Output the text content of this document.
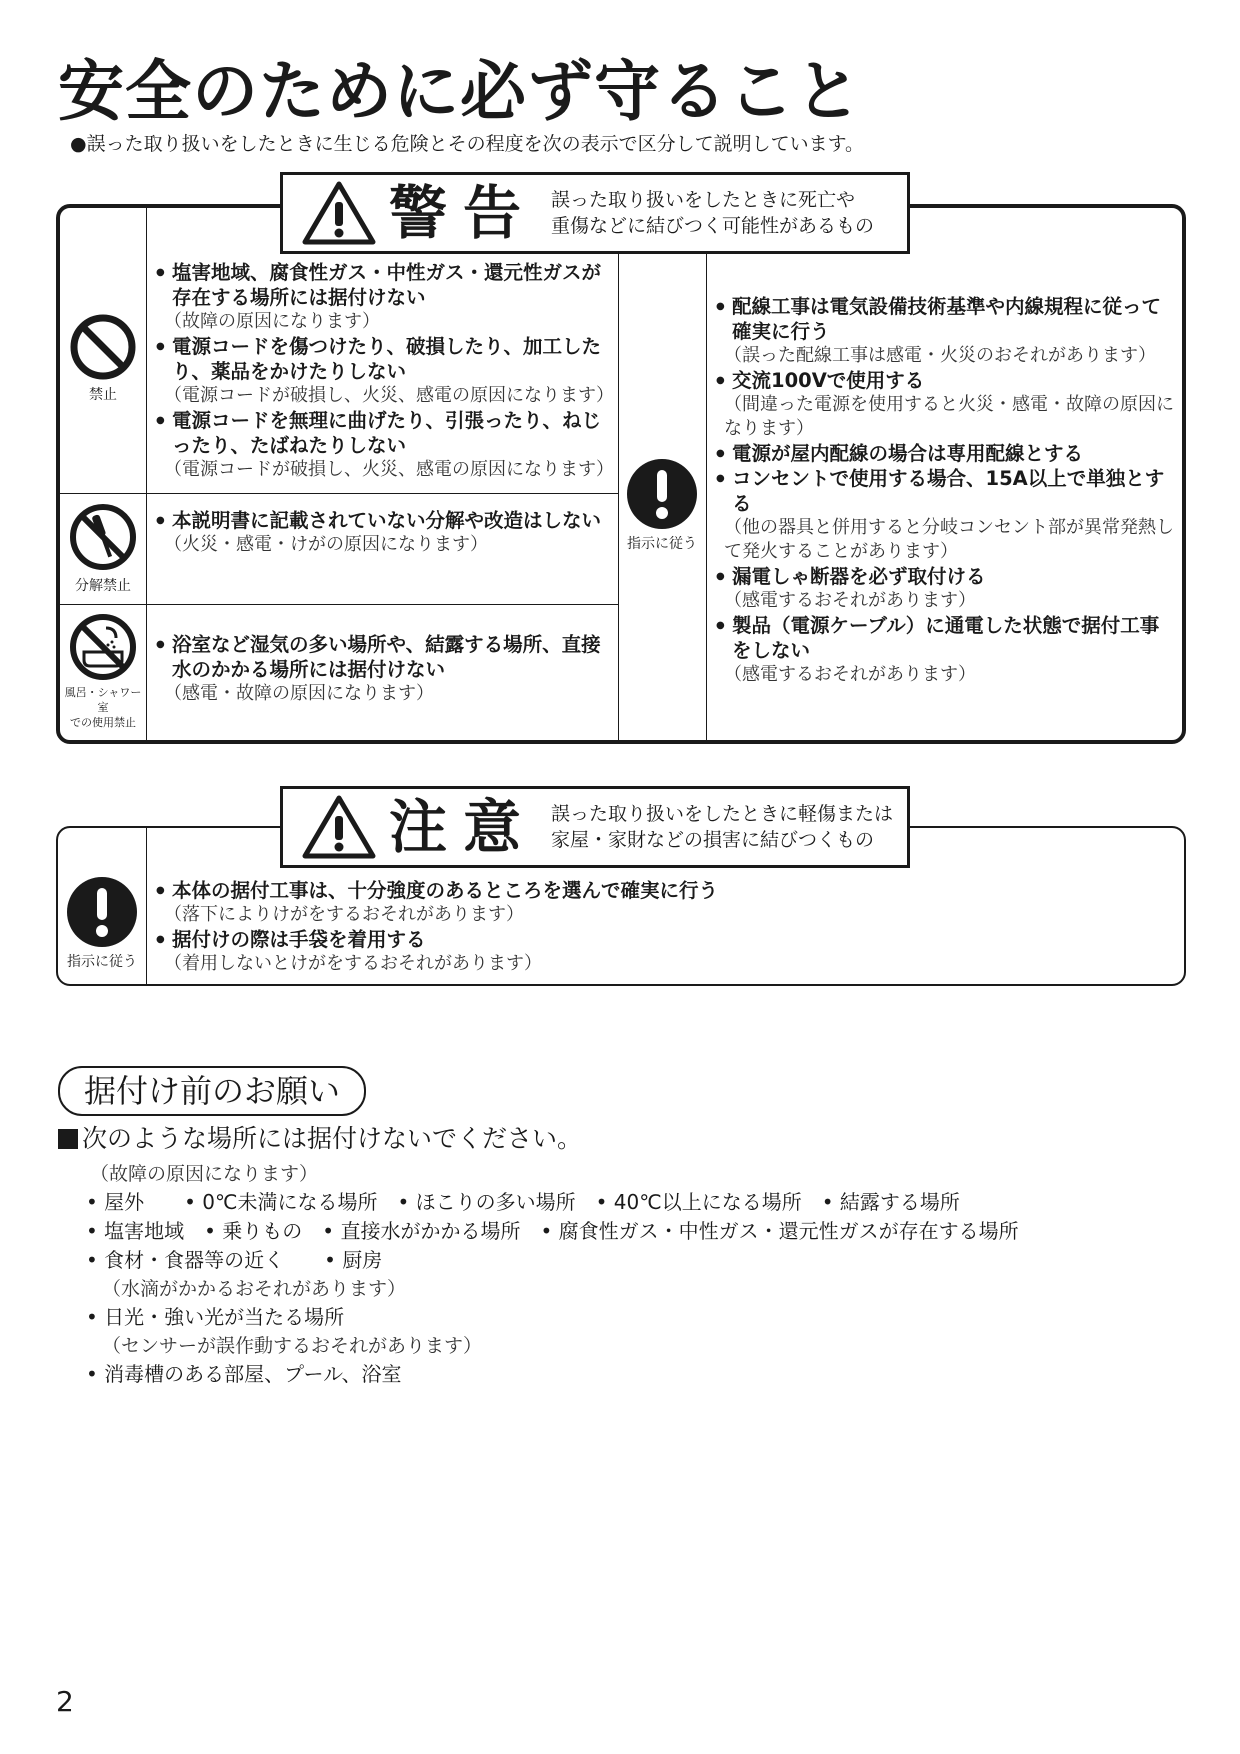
安全のために必ず守ること
●誤った取り扱いをしたときに生じる危険とその程度を次の表示で区分して説明しています。
禁止
分解禁止
風呂・シャワー室
での使用禁止
指示に従う
● 塩害地域、腐食性ガス・中性ガス・還元性ガスが存在する場所には据付けない
（故障の原因になります）
● 電源コードを傷つけたり、破損したり、加工したり、薬品をかけたりしない
（電源コードが破損し、火災、感電の原因になります）
● 電源コードを無理に曲げたり、引張ったり、ねじったり、たばねたりしない
（電源コードが破損し、火災、感電の原因になります）
● 本説明書に記載されていない分解や改造はしない
（火災・感電・けがの原因になります）
● 浴室など湿気の多い場所や、結露する場所、直接水のかかる場所には据付けない
（感電・故障の原因になります）
● 配線工事は電気設備技術基準や内線規程に従って確実に行う
（誤った配線工事は感電・火災のおそれがあります）
● 交流100Vで使用する
（間違った電源を使用すると火災・感電・故障の原因になります）
● 電源が屋内配線の場合は専用配線とする
● コンセントで使用する場合、15A以上で単独とする
（他の器具と併用すると分岐コンセント部が異常発熱して発火することがあります）
● 漏電しゃ断器を必ず取付ける
（感電するおそれがあります）
● 製品（電源ケーブル）に通電した状態で据付工事をしない
（感電するおそれがあります）
警告 誤った取り扱いをしたときに死亡や
重傷などに結びつく可能性があるもの
指示に従う
● 本体の据付工事は、十分強度のあるところを選んで確実に行う
（落下によりけがをするおそれがあります）
● 据付けの際は手袋を着用する
（着用しないとけがをするおそれがあります）
注意 誤った取り扱いをしたときに軽傷または
家屋・家財などの損害に結びつくもの
据付け前のお願い
次のような場所には据付けないでください。
（故障の原因になります）
• 屋外　　• 0℃未満になる場所　• ほこりの多い場所　• 40℃以上になる場所　• 結露する場所
• 塩害地域　• 乗りもの　• 直接水がかかる場所　• 腐食性ガス・中性ガス・還元性ガスが存在する場所
• 食材・食器等の近く　　• 厨房
（水滴がかかるおそれがあります）
• 日光・強い光が当たる場所
（センサーが誤作動するおそれがあります）
• 消毒槽のある部屋、プール、浴室
2
